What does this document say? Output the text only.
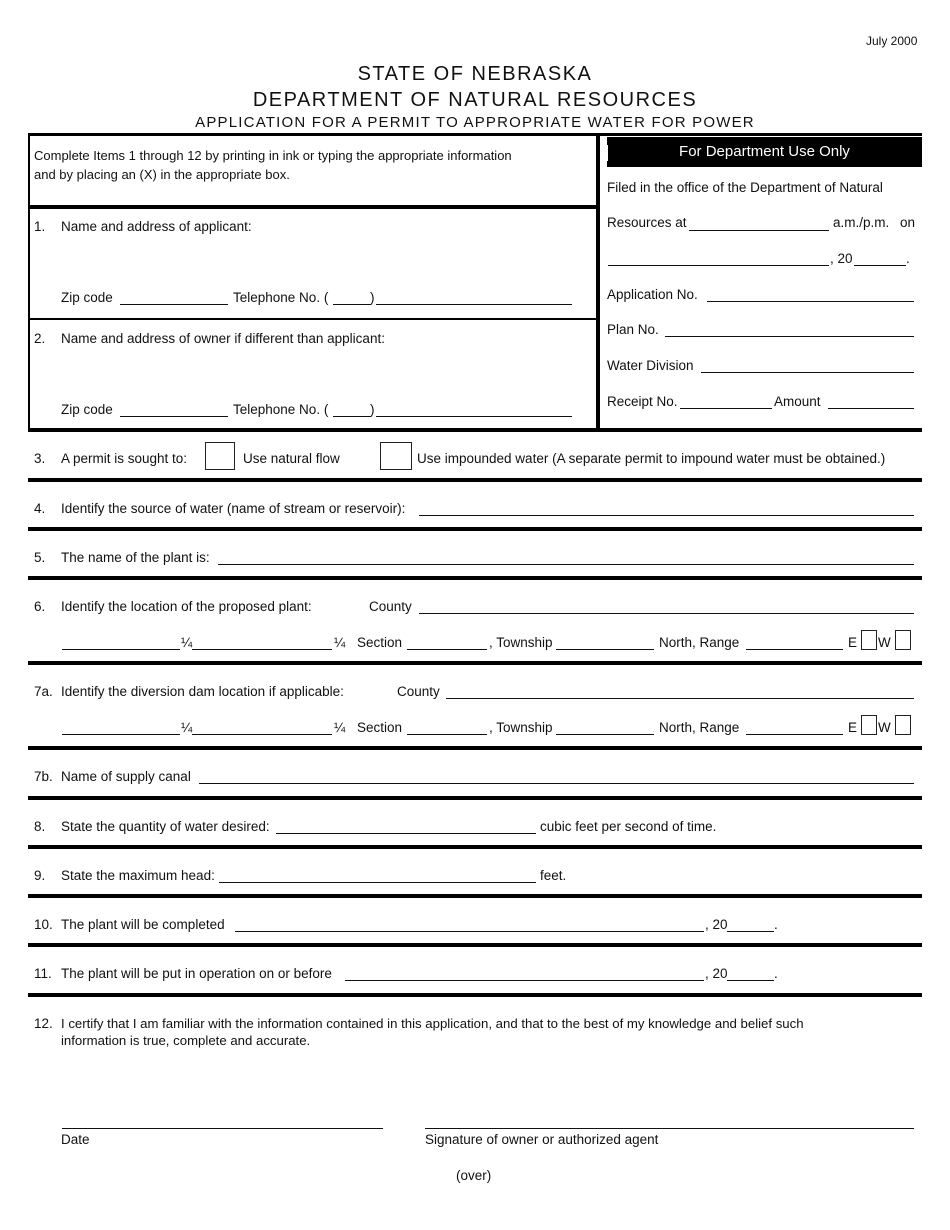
July 2000
STATE OF NEBRASKA
DEPARTMENT OF NATURAL RESOURCES
APPLICATION FOR A PERMIT TO APPROPRIATE WATER FOR POWER
Complete Items 1 through 12 by printing in ink or typing the appropriate information
and by placing an (X) in the appropriate box.
For Department Use Only
Filed in the office of the Department of Natural
Resources at	a.m./p.m. on
, 20	.
Application No.
Plan No.
Water Division
Receipt No.	Amount
1. Name and address of applicant:
Zip code	Telephone No. (	)
2. Name and address of owner if different than applicant:
Zip code	Telephone No. (	)
3. A permit is sought to:	Use natural flow	Use impounded water (A separate permit to impound water must be obtained.)
4. Identify the source of water (name of stream or reservoir):
5. The name of the plant is:
6. Identify the location of the proposed plant:	County
¼	¼ Section	, Township	North, Range	E W
7a. Identify the diversion dam location if applicable:	County
¼	¼ Section	, Township	North, Range	E W
7b. Name of supply canal
8. State the quantity of water desired:	cubic feet per second of time.
9. State the maximum head:	feet.
10. The plant will be completed	, 20	.
11. The plant will be put in operation on or before	, 20	.
12. I certify that I am familiar with the information contained in this application, and that to the best of my knowledge and belief such
information is true, complete and accurate.
Date	Signature of owner or authorized agent
(over)
